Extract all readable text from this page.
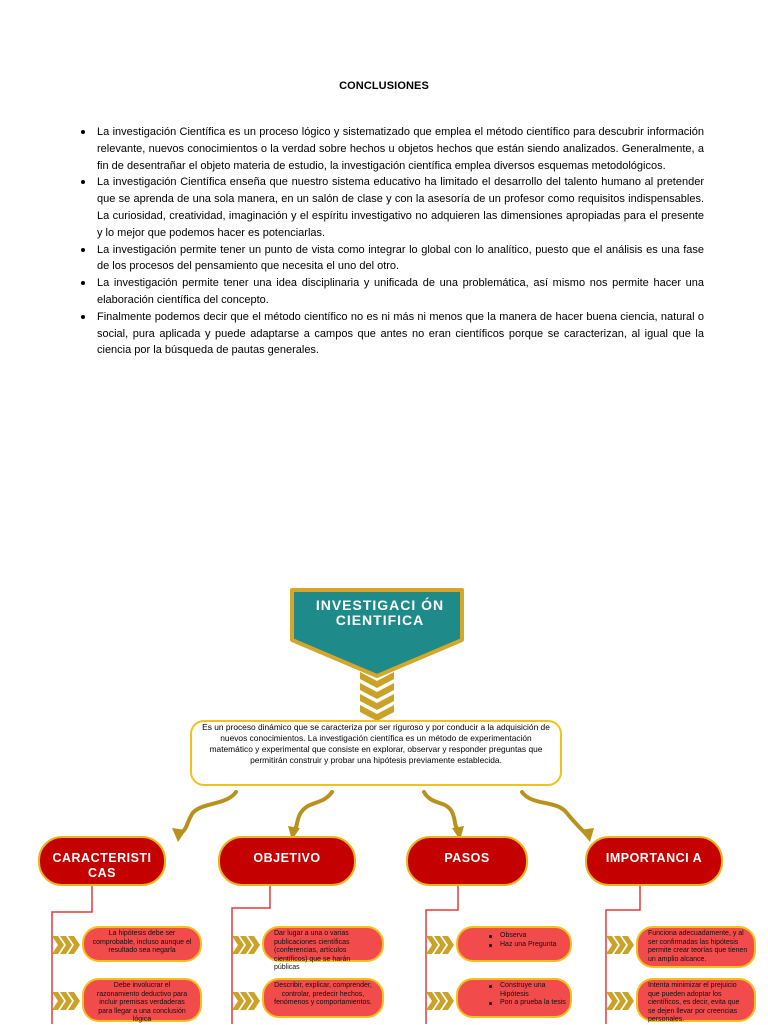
CONCLUSIONES
La investigación Científica es un proceso lógico y sistematizado que emplea el método científico para descubrir información relevante, nuevos conocimientos o la verdad sobre hechos u objetos hechos que están siendo analizados. Generalmente, a fin de desentrañar el objeto materia de estudio, la investigación científica emplea diversos esquemas metodológicos.
La investigación Científica enseña que nuestro sistema educativo ha limitado el desarrollo del talento humano al pretender que se aprenda de una sola manera, en un salón de clase y con la asesoría de un profesor como requisitos indispensables. La curiosidad, creatividad, imaginación y el espíritu investigativo no adquieren las dimensiones apropiadas para el presente y lo mejor que podemos hacer es potenciarlas.
La investigación permite tener un punto de vista como integrar lo global con lo analítico, puesto que el análisis es una fase de los procesos del pensamiento que necesita el uno del otro.
La investigación permite tener una idea disciplinaria y unificada de una problemática, así mismo nos permite hacer una elaboración científica del concepto.
Finalmente podemos decir que el método científico no es ni más ni menos que la manera de hacer buena ciencia, natural o social, pura aplicada y puede adaptarse a campos que antes no eran científicos porque se caracterizan, al igual que la ciencia por la búsqueda de pautas generales.
INVESTIGACI ÓN CIENTIFICA
Es un proceso dinámico que se caracteriza por ser riguroso y por conducir a la adquisición de nuevos conocimientos. La investigación científica es un método de experimentación matemático y experimental que consiste en explorar, observar y responder preguntas que permitirán construir y probar una hipótesis previamente establecida.
CARACTERISTI CAS
OBJETIVO	PASOS	IMPORTANCI A
La hipótesis debe ser comprobable, incluso aunque el resultado sea negarla
Debe involucrar el razonamiento deductivo para incluir premisas verdaderas para llegar a una conclusión lógica
Dar lugar a una o varias publicaciones científicas (conferencias, artículos científicos) que se harán públicas
Describir, explicar, comprender, controlar, predecir hechos, fenómenos y comportamientos.
Observa
Haz una Pregunta
Construye una Hipótesis
Pon a prueba la tesis
Funciona adecuadamente, y al ser confirmadas las hipótesis permite crear teorías que tienen un amplio alcance.
Intenta minimizar el prejuicio que pueden adoptar los científicos, es decir, evita que se dejen llevar por creencias personales.
